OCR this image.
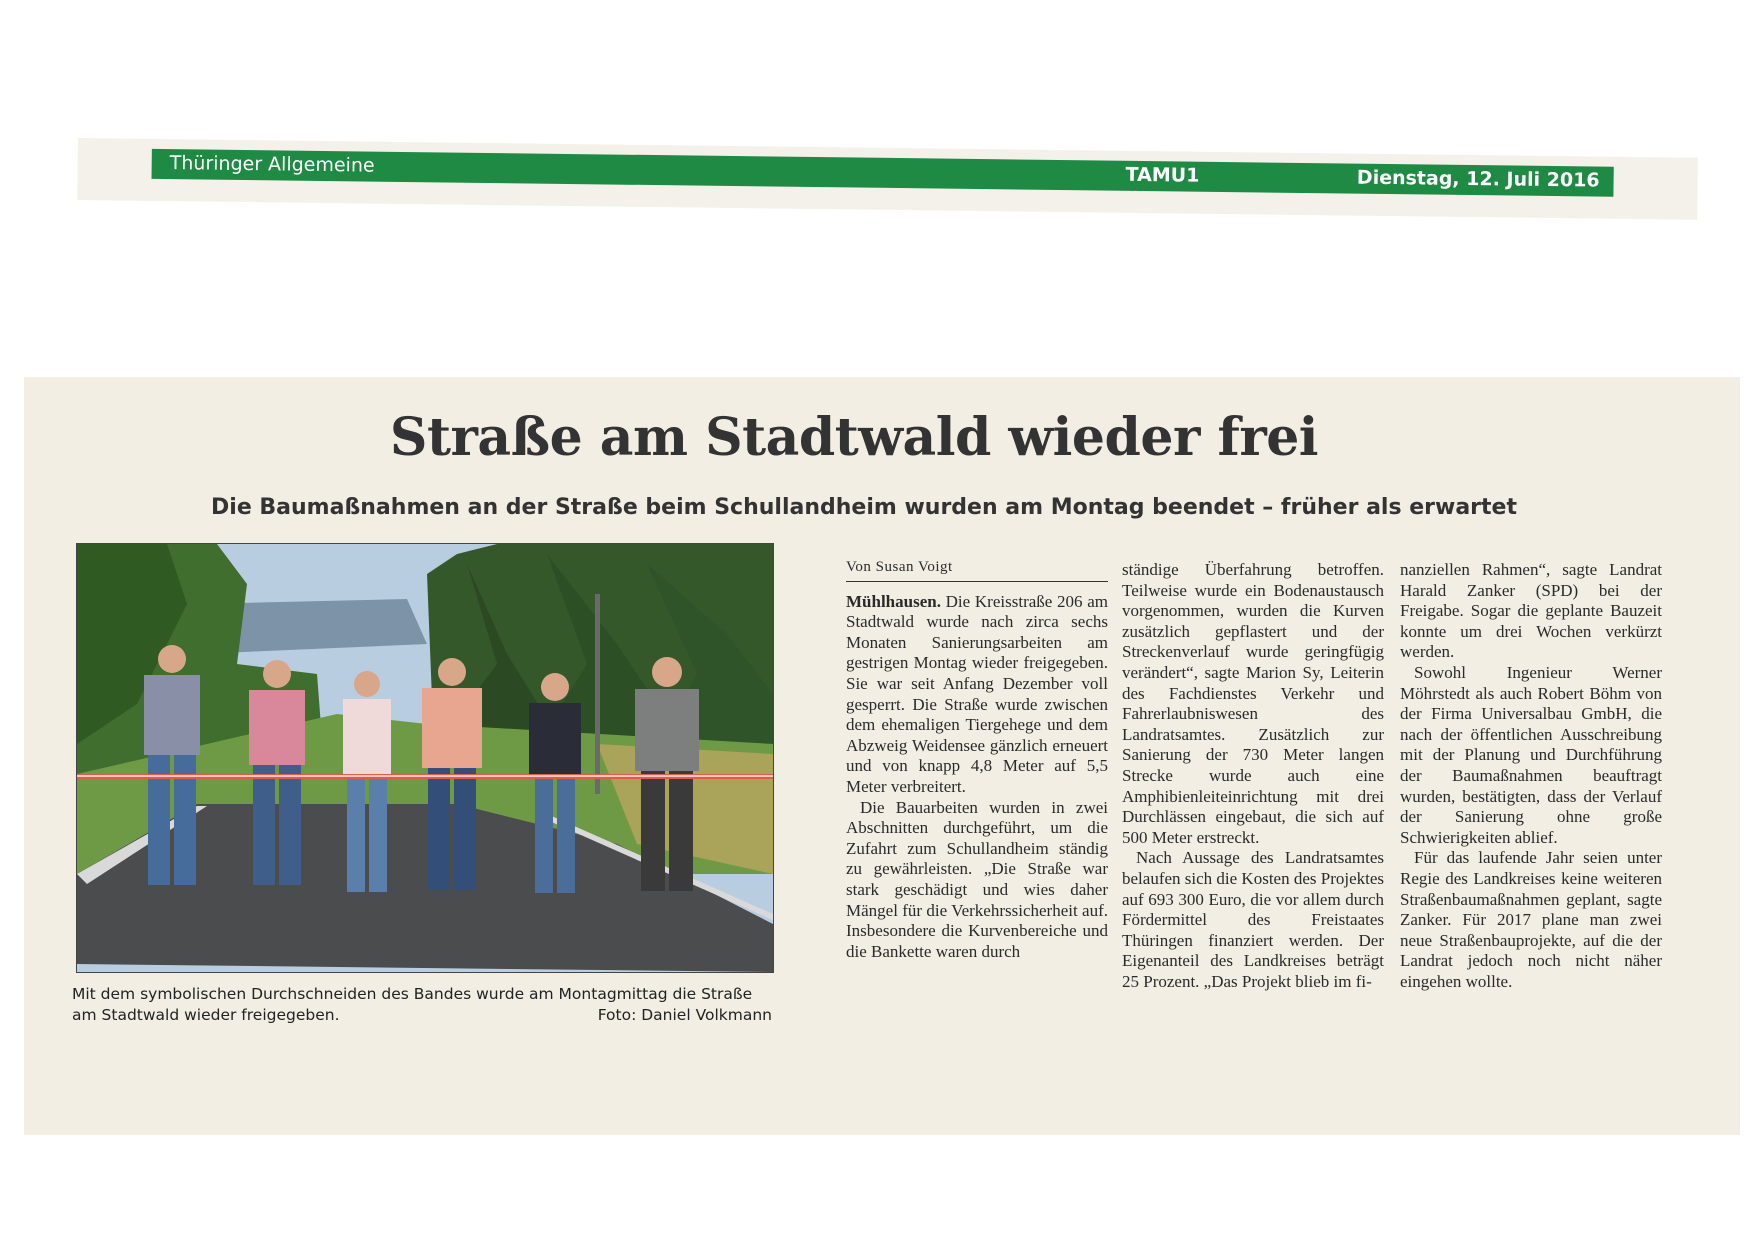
Thüringer Allgemeine	TAMU1	Dienstag, 12. Juli 2016
Straße am Stadtwald wieder frei
Die Baumaßnahmen an der Straße beim Schullandheim wurden am Montag beendet – früher als erwartet
Mit dem symbolischen Durchschneiden des Bandes wurde am Montagmittag die Straße am Stadtwald wieder freigegeben.	Foto: Daniel Volkmann
Von Susan Voigt

Mühlhausen. Die Kreisstraße 206 am Stadtwald wurde nach zirca sechs Monaten Sanierungsarbeiten am gestrigen Montag wieder freigegeben. Sie war seit Anfang Dezember voll gesperrt. Die Straße wurde zwischen dem ehemaligen Tiergehege und dem Abzweig Weidensee gänzlich erneuert und von knapp 4,8 Meter auf 5,5 Meter verbreitert.

Die Bauarbeiten wurden in zwei Abschnitten durchgeführt, um die Zufahrt zum Schullandheim ständig zu gewährleisten. „Die Straße war stark geschädigt und wies daher Mängel für die Verkehrssicherheit auf. Insbesondere die Kurvenbereiche und die Bankette waren durch

ständige Überfahrung betroffen. Teilweise wurde ein Bodenaustausch vorgenommen, wurden die Kurven zusätzlich gepflastert und der Streckenverlauf wurde geringfügig verändert“, sagte Marion Sy, Leiterin des Fachdienstes Verkehr und Fahrerlaubniswesen des Landratsamtes. Zusätzlich zur Sanierung der 730 Meter langen Strecke wurde auch eine Amphibienleiteinrichtung mit drei Durchlässen eingebaut, die sich auf 500 Meter erstreckt.

Nach Aussage des Landratsamtes belaufen sich die Kosten des Projektes auf 693 300 Euro, die vor allem durch Fördermittel des Freistaates Thüringen finanziert werden. Der Eigenanteil des Landkreises beträgt 25 Prozent. „Das Projekt blieb im fi-

nanziellen Rahmen“, sagte Landrat Harald Zanker (SPD) bei der Freigabe. Sogar die geplante Bauzeit konnte um drei Wochen verkürzt werden.

Sowohl Ingenieur Werner Möhrstedt als auch Robert Böhm von der Firma Universalbau GmbH, die nach der öffentlichen Ausschreibung mit der Planung und Durchführung der Baumaßnahmen beauftragt wurden, bestätigten, dass der Verlauf der Sanierung ohne große Schwierigkeiten ablief.

Für das laufende Jahr seien unter Regie des Landkreises keine weiteren Straßenbaumaßnahmen geplant, sagte Zanker. Für 2017 plane man zwei neue Straßenbauprojekte, auf die der Landrat jedoch noch nicht näher eingehen wollte.
